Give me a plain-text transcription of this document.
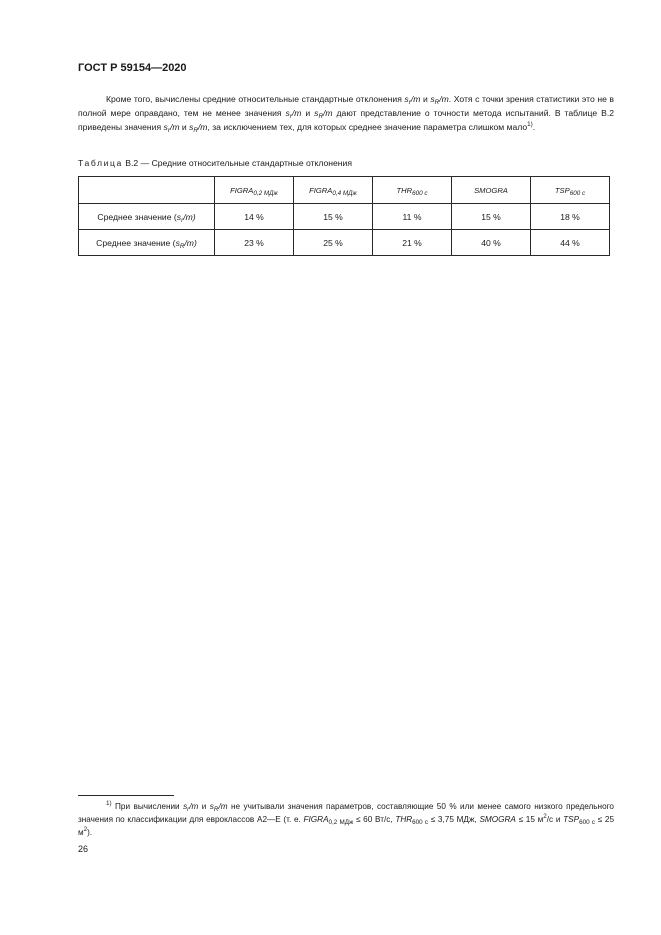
ГОСТ Р 59154—2020
Кроме того, вычислены средние относительные стандартные отклонения $s_r/m$ и $s_R/m$. Хотя с точки зрения статистики это не в полной мере оправдано, тем не менее значения $s_r/m$ и $s_R/m$ дают представление о точности метода испытаний. В таблице В.2 приведены значения $s_r/m$ и $s_R/m$, за исключением тех, для которых среднее значение параметра слишком мало$^{1)}$.
Таблица В.2 — Средние относительные стандартные отклонения
	$FIGRA_{0,2 МДж}$	$FIGRA_{0,4 МДж}$	$THR_{600 с}$	SMOGRA	$TSP_{600 с}$
Среднее значение $(s_r/m)$	14 %	15 %	11 %	15 %	18 %
Среднее значение $(s_R/m)$	23 %	25 %	21 %	40 %	44 %
$^{1)}$ При вычислении $s_r/m$ и $s_R/m$ не учитывали значения параметров, составляющие 50 % или менее самого низкого предельного значения по классификации для евроклассов А2—Е (т. е. $FIGRA_{0,2 МДж} \le 60$ Вт/с, $THR_{600 с} \le 3,75$ МДж, SMOGRA ≤ 15 $м^2/с$ и $TSP_{600 с} \le 25$ $м^2$).
26
